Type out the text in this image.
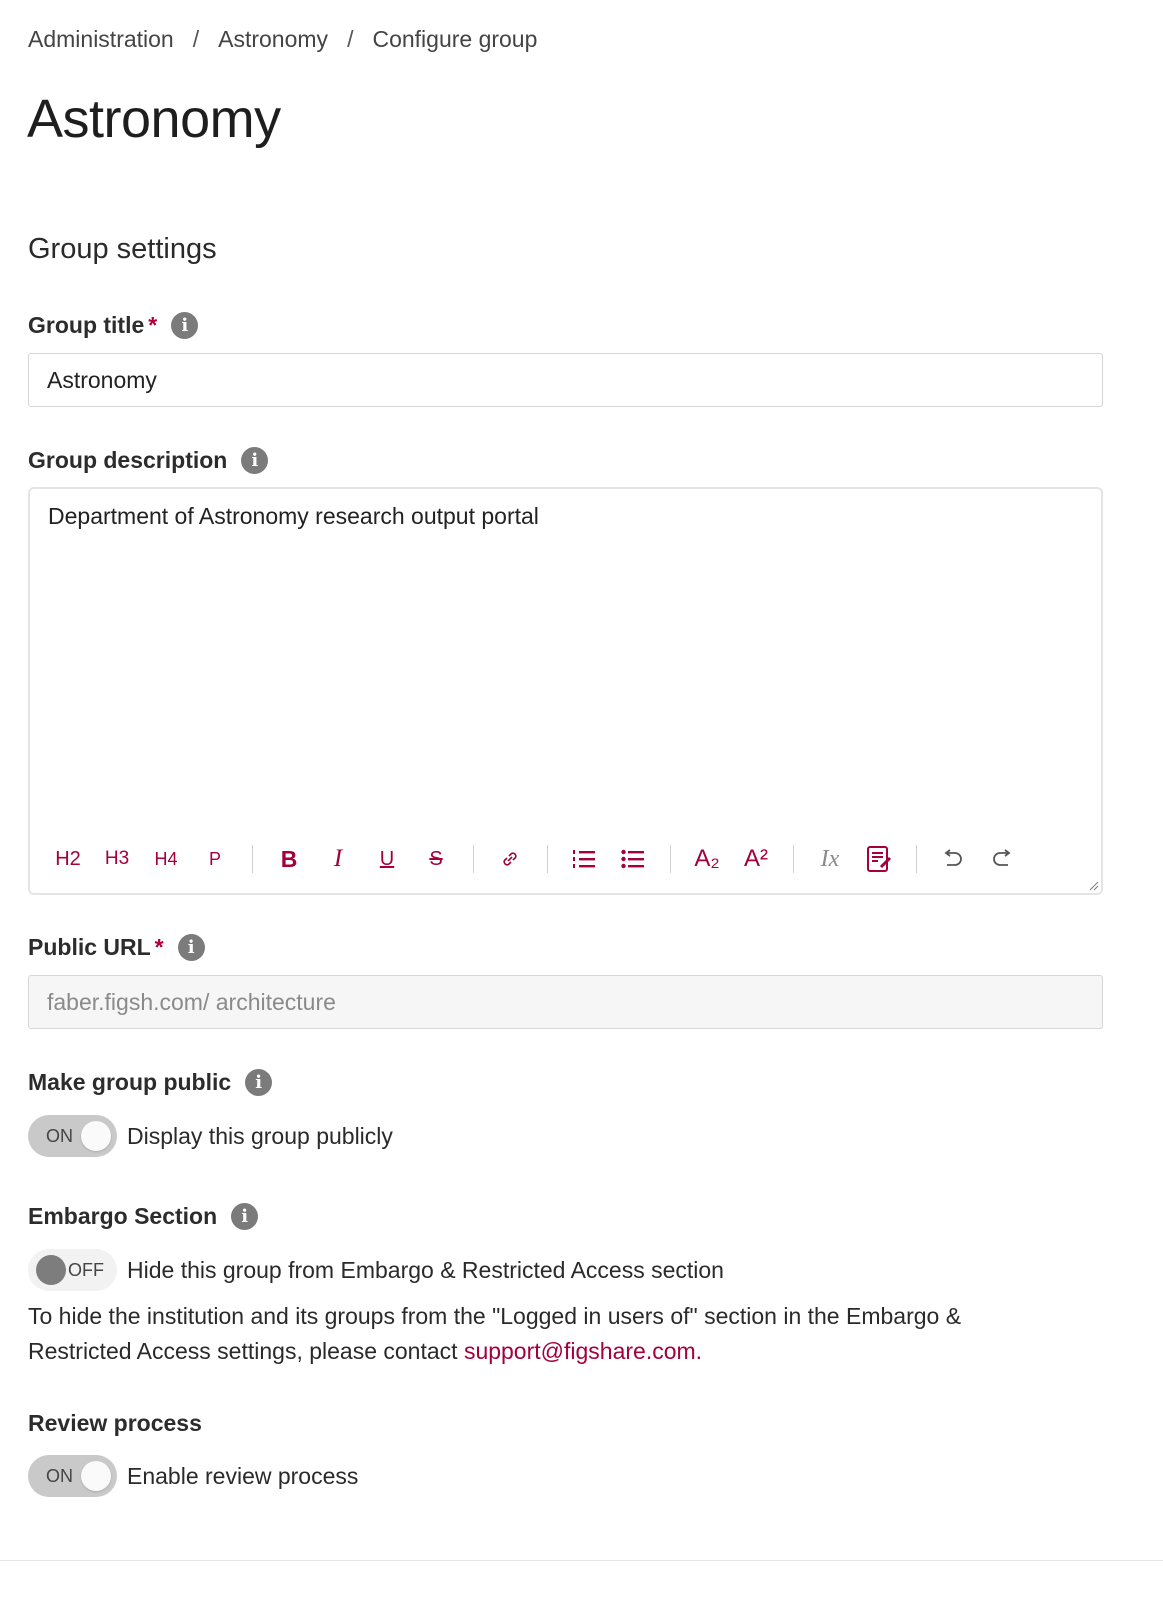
Administration / Astronomy / Configure group
Astronomy
Group settings
Group title *	i
Astronomy
Group description	i
Department of Astronomy research output portal
H2	H3	H4	P	B	I	U	S	A₂	A²	Ix
Public URL *	i
faber.figsh.com/ architecture
Make group public	i
ON Display this group publicly
Embargo Section	i
OFF Hide this group from Embargo & Restricted Access section

To hide the institution and its groups from the "Logged in users of" section in the Embargo & Restricted Access settings, please contact support@figshare.com.

Review process
ON Enable review process
